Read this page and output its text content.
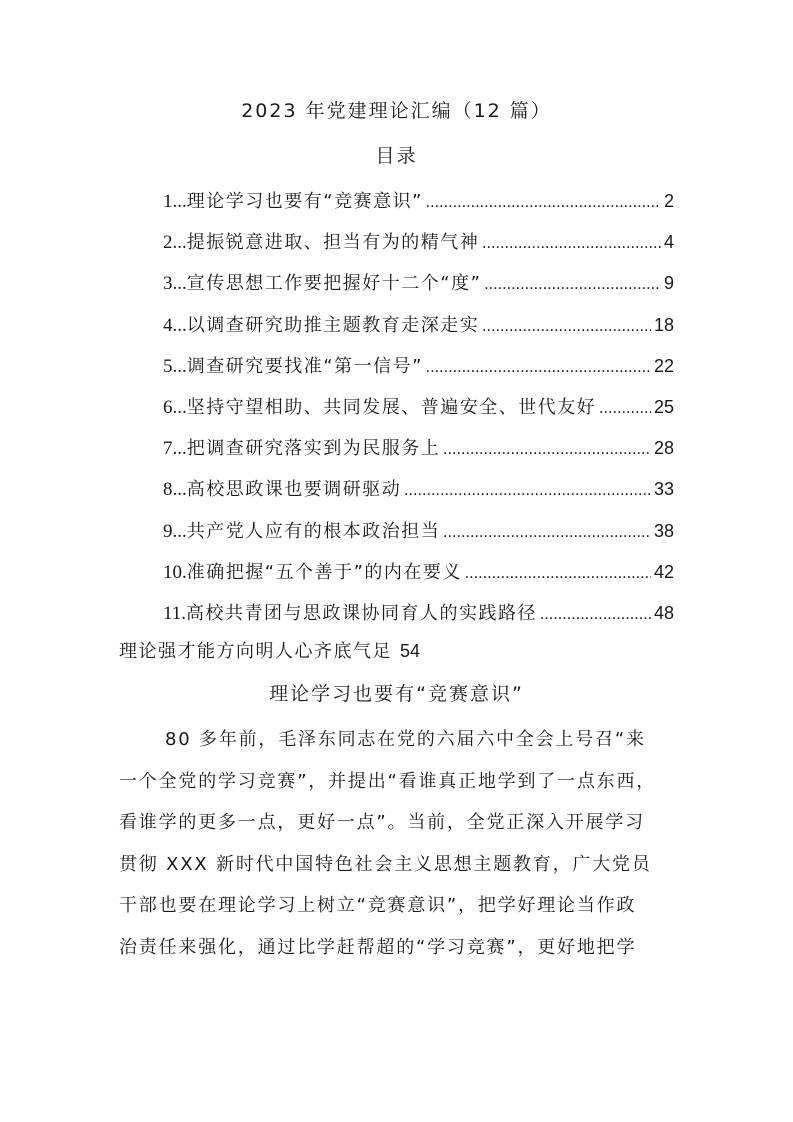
2023 年党建理论汇编（12 篇）
目录
1... 理论学习也要有“竞赛意识” .....	2
2... 提振锐意进取、担当有为的精气神 .....	4
3... 宣传思想工作要把握好十二个“度” .....	9
4... 以调查研究助推主题教育走深走实 .....	18
5... 调查研究要找准“第一信号” .....	22
6... 坚持守望相助、共同发展、普遍安全、世代友好 .....	25
7... 把调查研究落实到为民服务上 .....	28
8... 高校思政课也要调研驱动 .....	33
9... 共产党人应有的根本政治担当 .....	38
10. 准确把握“五个善于”的内在要义 .....	42
11. 高校共青团与思政课协同育人的实践路径 .....	48
理论强才能方向明人心齐底气足 54
理论学习也要有“竞赛意识”
80 多年前，毛泽东同志在党的六届六中全会上号召“来
一个全党的学习竞赛”，并提出“看谁真正地学到了一点东西，
看谁学的更多一点，更好一点”。当前，全党正深入开展学习
贯彻 XXX 新时代中国特色社会主义思想主题教育，广大党员
干部也要在理论学习上树立“竞赛意识”，把学好理论当作政
治责任来强化，通过比学赶帮超的“学习竞赛”，更好地把学
